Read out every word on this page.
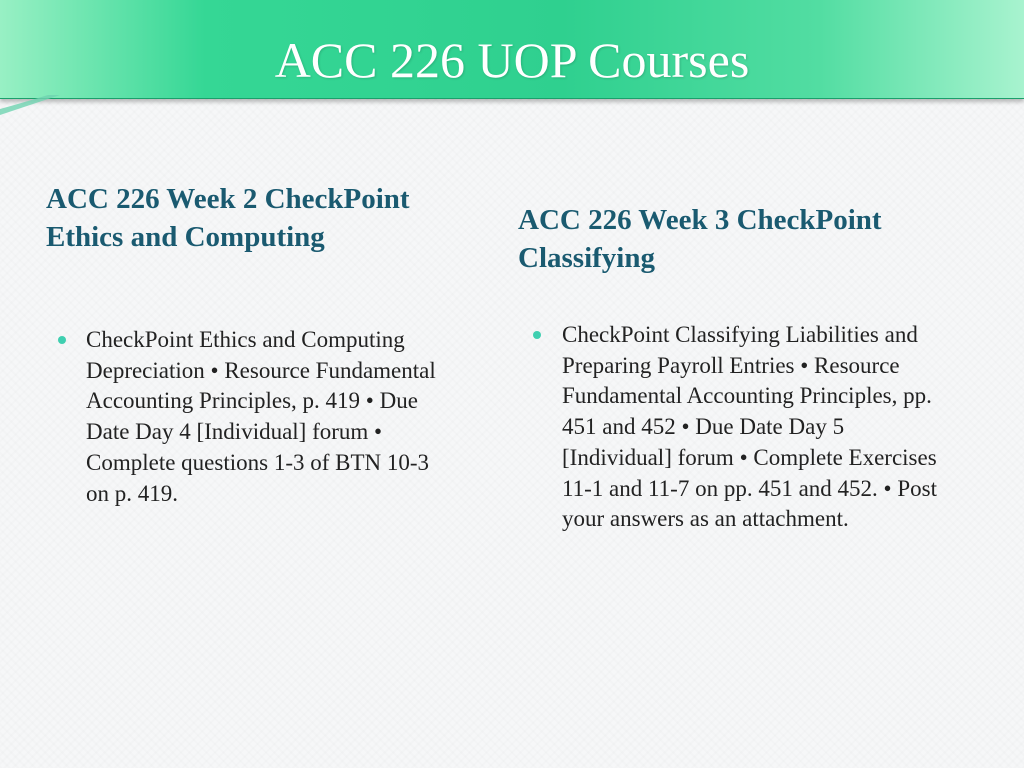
ACC 226 UOP Courses
ACC 226 Week 2 CheckPoint Ethics and Computing
ACC 226 Week 3 CheckPoint Classifying
CheckPoint Ethics and Computing Depreciation • Resource Fundamental Accounting Principles, p. 419 • Due Date Day 4 [Individual] forum • Complete questions 1-3 of BTN 10-3 on p. 419.
CheckPoint Classifying Liabilities and Preparing Payroll Entries • Resource Fundamental Accounting Principles, pp. 451 and 452 • Due Date Day 5 [Individual] forum • Complete Exercises 11-1 and 11-7 on pp. 451 and 452. • Post your answers as an attachment.
